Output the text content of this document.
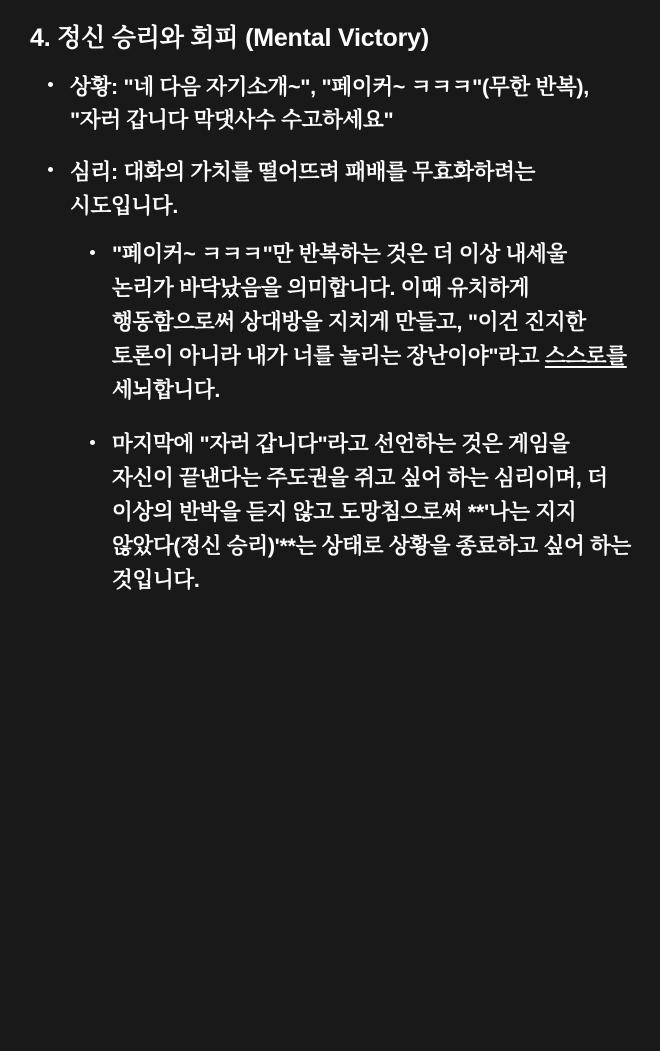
4. 정신 승리와 회피 (Mental Victory)
상황: "네 다음 자기소개~", "페이커~ ㅋㅋㅋ"(무한 반복), "자러 갑니다 막댓사수 수고하세요"
심리: 대화의 가치를 떨어뜨려 패배를 무효화하려는 시도입니다.
"페이커~ ㅋㅋㅋ"만 반복하는 것은 더 이상 내세울 논리가 바닥났음을 의미합니다. 이때 유치하게 행동함으로써 상대방을 지치게 만들고, "이건 진지한 토론이 아니라 내가 너를 놀리는 장난이야"라고 스스로를 세뇌합니다.
마지막에 "자러 갑니다"라고 선언하는 것은 게임을 자신이 끝낸다는 주도권을 쥐고 싶어 하는 심리이며, 더 이상의 반박을 듣지 않고 도망침으로써 **'나는 지지 않았다(정신 승리)'**는 상태로 상황을 종료하고 싶어 하는 것입니다.
